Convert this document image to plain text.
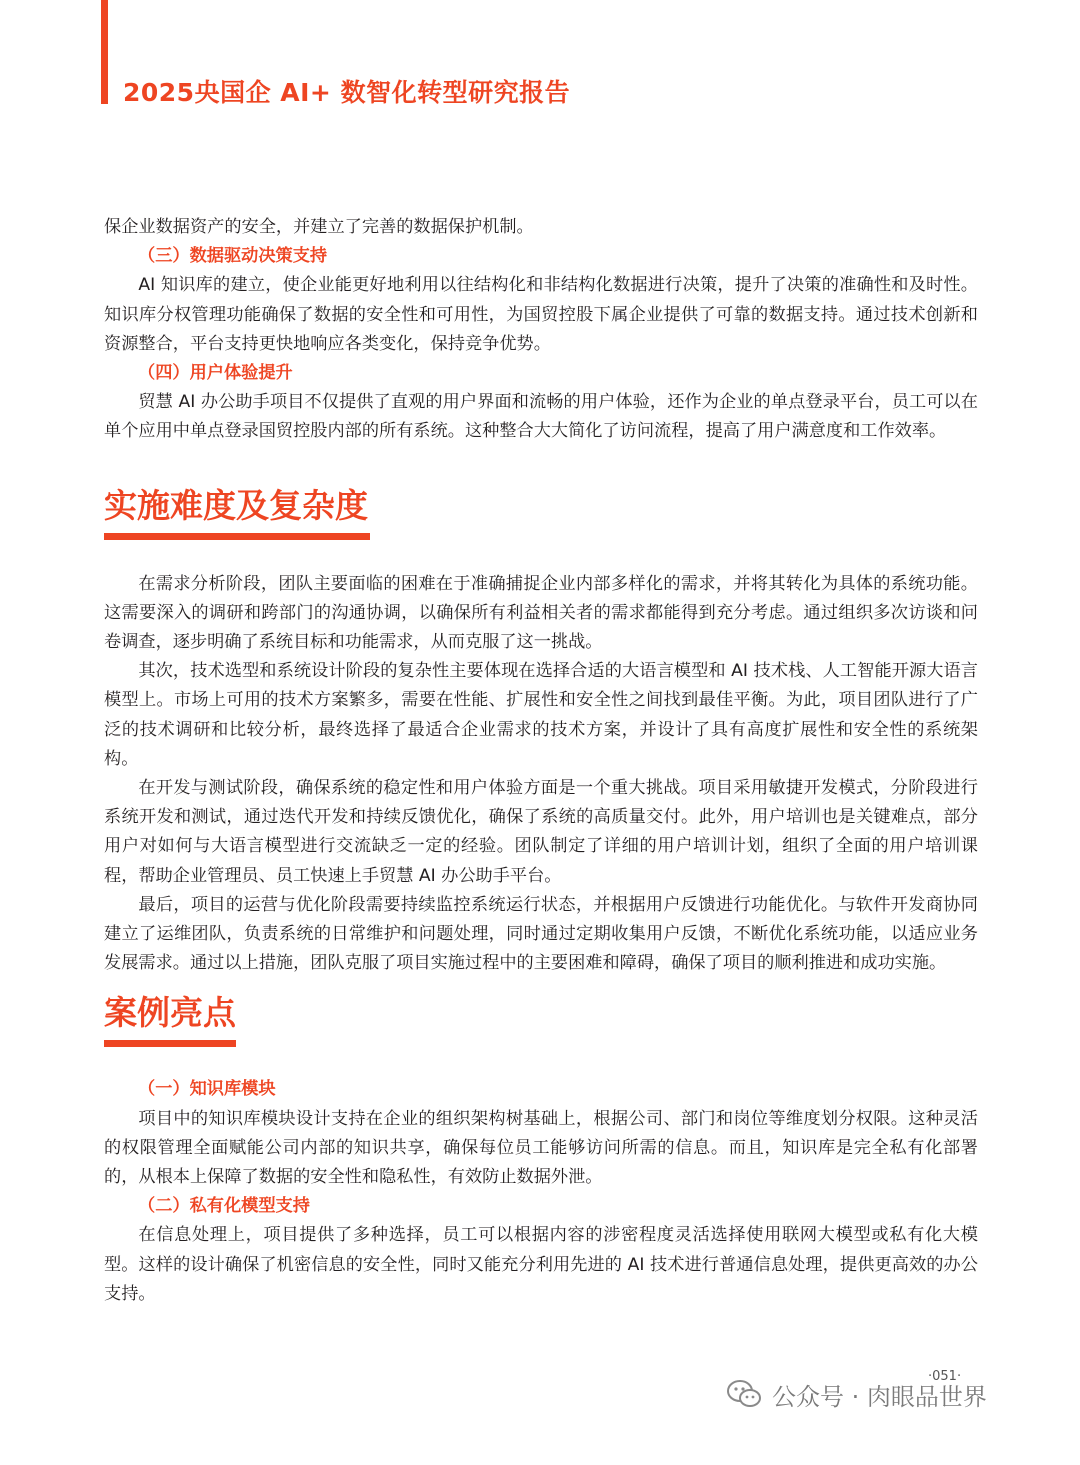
2025央国企 AI+ 数智化转型研究报告

保企业数据资产的安全，并建立了完善的数据保护机制。

（三）数据驱动决策支持

AI 知识库的建立，使企业能更好地利用以往结构化和非结构化数据进行决策，提升了决策的准确性和及时性。知识库分权管理功能确保了数据的安全性和可用性，为国贸控股下属企业提供了可靠的数据支持。通过技术创新和资源整合，平台支持更快地响应各类变化，保持竞争优势。

（四）用户体验提升

贸慧 AI 办公助手项目不仅提供了直观的用户界面和流畅的用户体验，还作为企业的单点登录平台，员工可以在单个应用中单点登录国贸控股内部的所有系统。这种整合大大简化了访问流程，提高了用户满意度和工作效率。

实施难度及复杂度

在需求分析阶段，团队主要面临的困难在于准确捕捉企业内部多样化的需求，并将其转化为具体的系统功能。这需要深入的调研和跨部门的沟通协调，以确保所有利益相关者的需求都能得到充分考虑。通过组织多次访谈和问卷调查，逐步明确了系统目标和功能需求，从而克服了这一挑战。

其次，技术选型和系统设计阶段的复杂性主要体现在选择合适的大语言模型和 AI 技术栈、人工智能开源大语言模型上。市场上可用的技术方案繁多，需要在性能、扩展性和安全性之间找到最佳平衡。为此，项目团队进行了广泛的技术调研和比较分析，最终选择了最适合企业需求的技术方案，并设计了具有高度扩展性和安全性的系统架构。

在开发与测试阶段，确保系统的稳定性和用户体验方面是一个重大挑战。项目采用敏捷开发模式，分阶段进行系统开发和测试，通过迭代开发和持续反馈优化，确保了系统的高质量交付。此外，用户培训也是关键难点，部分用户对如何与大语言模型进行交流缺乏一定的经验。团队制定了详细的用户培训计划，组织了全面的用户培训课程，帮助企业管理员、员工快速上手贸慧 AI 办公助手平台。

最后，项目的运营与优化阶段需要持续监控系统运行状态，并根据用户反馈进行功能优化。与软件开发商协同建立了运维团队，负责系统的日常维护和问题处理，同时通过定期收集用户反馈，不断优化系统功能，以适应业务发展需求。通过以上措施，团队克服了项目实施过程中的主要困难和障碍，确保了项目的顺利推进和成功实施。

案例亮点
（一）知识库模块

项目中的知识库模块设计支持在企业的组织架构树基础上，根据公司、部门和岗位等维度划分权限。这种灵活的权限管理全面赋能公司内部的知识共享，确保每位员工能够访问所需的信息。而且，知识库是完全私有化部署的，从根本上保障了数据的安全性和隐私性，有效防止数据外泄。

（二）私有化模型支持

在信息处理上，项目提供了多种选择，员工可以根据内容的涉密程度灵活选择使用联网大模型或私有化大模型。这样的设计确保了机密信息的安全性，同时又能充分利用先进的 AI 技术进行普通信息处理，提供更高效的办公支持。

·051·
公众号 · 肉眼品世界
